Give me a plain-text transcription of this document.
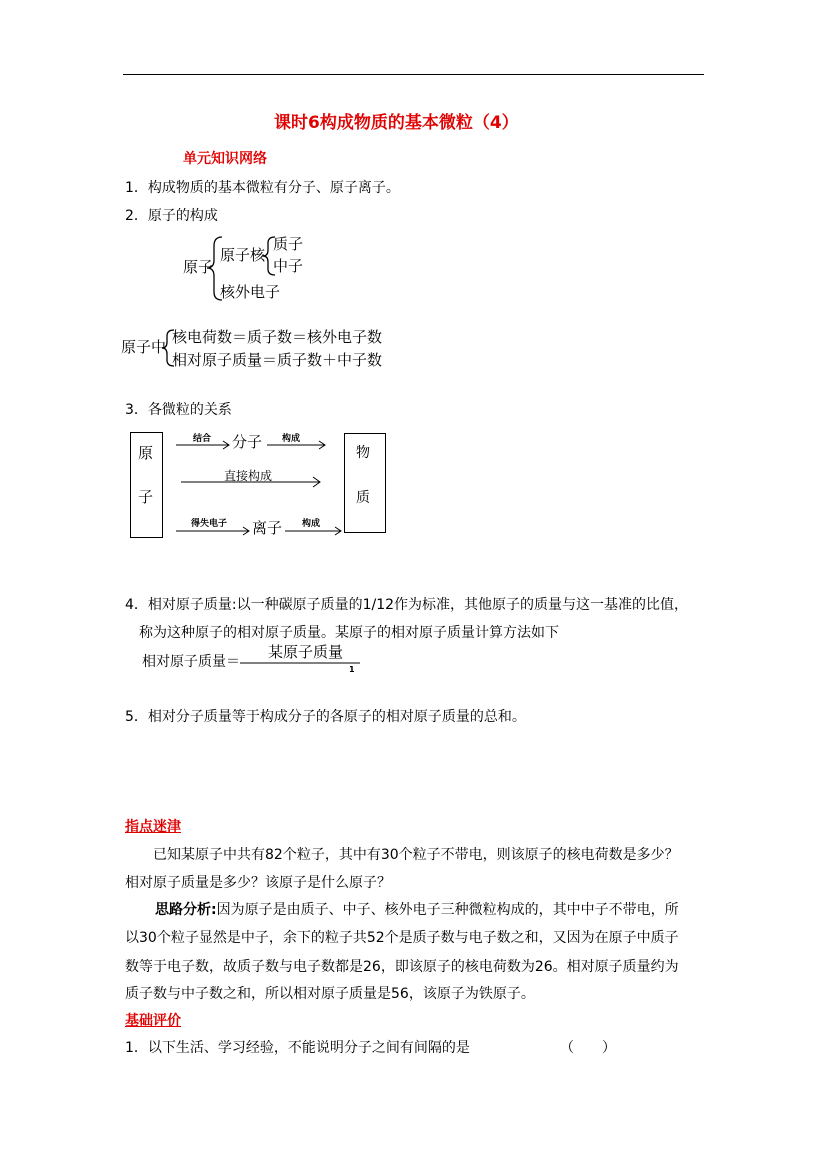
课时6构成物质的基本微粒（4）
单元知识网络
1．构成物质的基本微粒有分子、原子离子。
2．原子的构成
原子
原子核
质子
中子
核外电子
原子中
核电荷数＝质子数＝核外电子数
相对原子质量＝质子数＋中子数
3．各微粒的关系
原
子
物
质
结合 分子 构成
直接构成
得失电子 离子 构成
4．相对原子质量:以一种碳原子质量的1/12作为标准，其他原子的质量与这一基准的比值，
称为这种原子的相对原子质量。某原子的相对原子质量计算方法如下
相对原子质量＝
某原子质量
1
5．相对分子质量等于构成分子的各原子的相对原子质量的总和。
指点迷津
已知某原子中共有82个粒子，其中有30个粒子不带电，则该原子的核电荷数是多少？
相对原子质量是多少？该原子是什么原子？
思路分析:因为原子是由质子、中子、核外电子三种微粒构成的，其中中子不带电，所
以30个粒子显然是中子，余下的粒子共52个是质子数与电子数之和，又因为在原子中质子
数等于电子数，故质子数与电子数都是26，即该原子的核电荷数为26。相对原子质量约为
质子数与中子数之和，所以相对原子质量是56，该原子为铁原子。
基础评价
1．以下生活、学习经验，不能说明分子之间有间隔的是	（　　）
